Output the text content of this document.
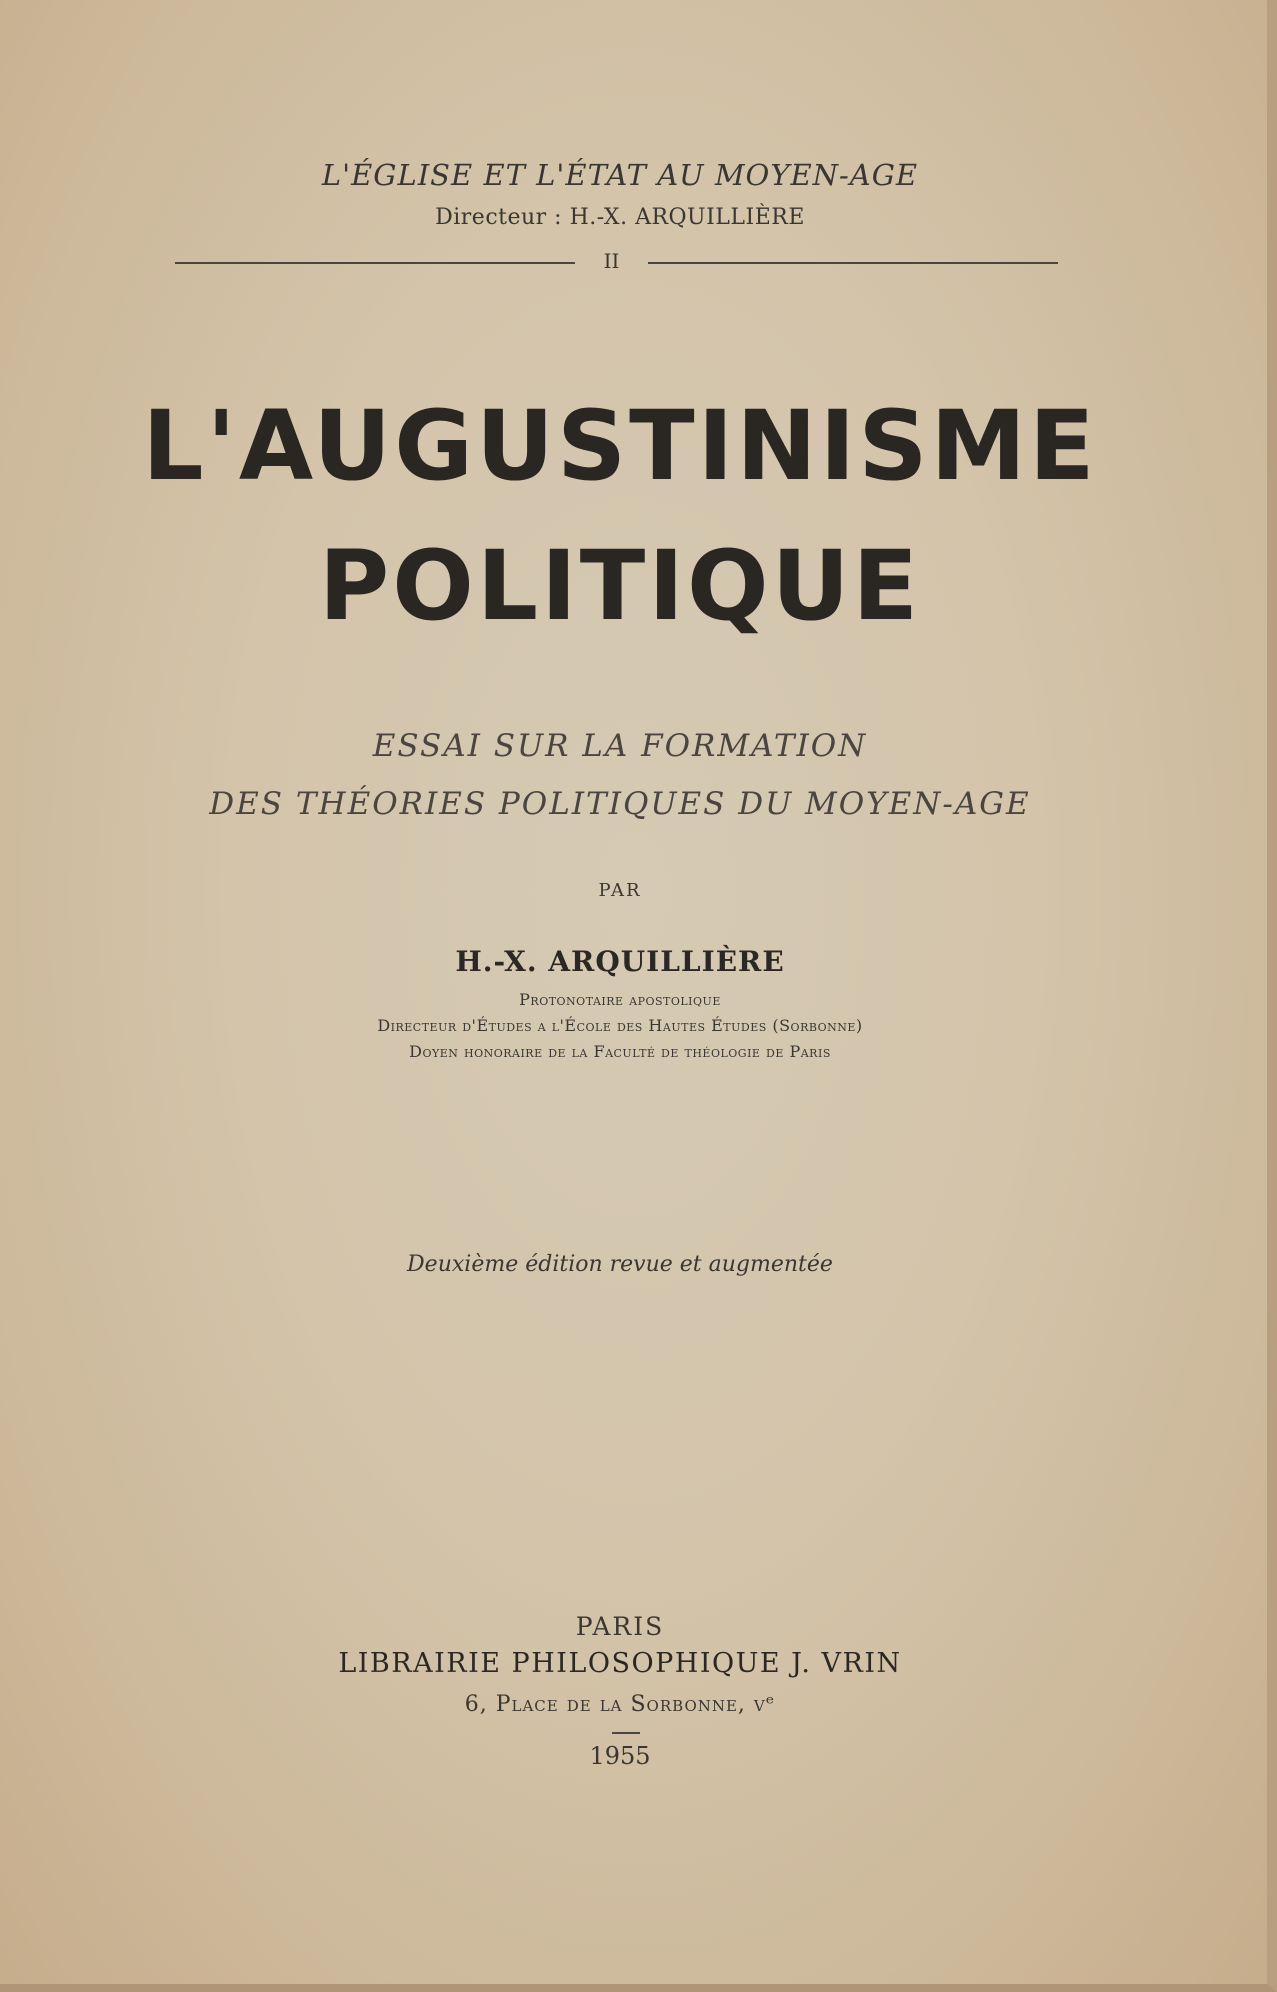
L'ÉGLISE ET L'ÉTAT AU MOYEN-AGE
Directeur : H.-X. ARQUILLIÈRE
II
L'AUGUSTINISME
POLITIQUE
ESSAI SUR LA FORMATION
DES THÉORIES POLITIQUES DU MOYEN-AGE
PAR
H.-X. ARQUILLIÈRE
Protonotaire apostolique
Directeur d'Études a l'École des Hautes Études (Sorbonne)
Doyen honoraire de la Faculté de théologie de Paris
Deuxième édition revue et augmentée
PARIS
LIBRAIRIE PHILOSOPHIQUE J. VRIN
6, Place de la Sorbonne, vᵉ
1955
